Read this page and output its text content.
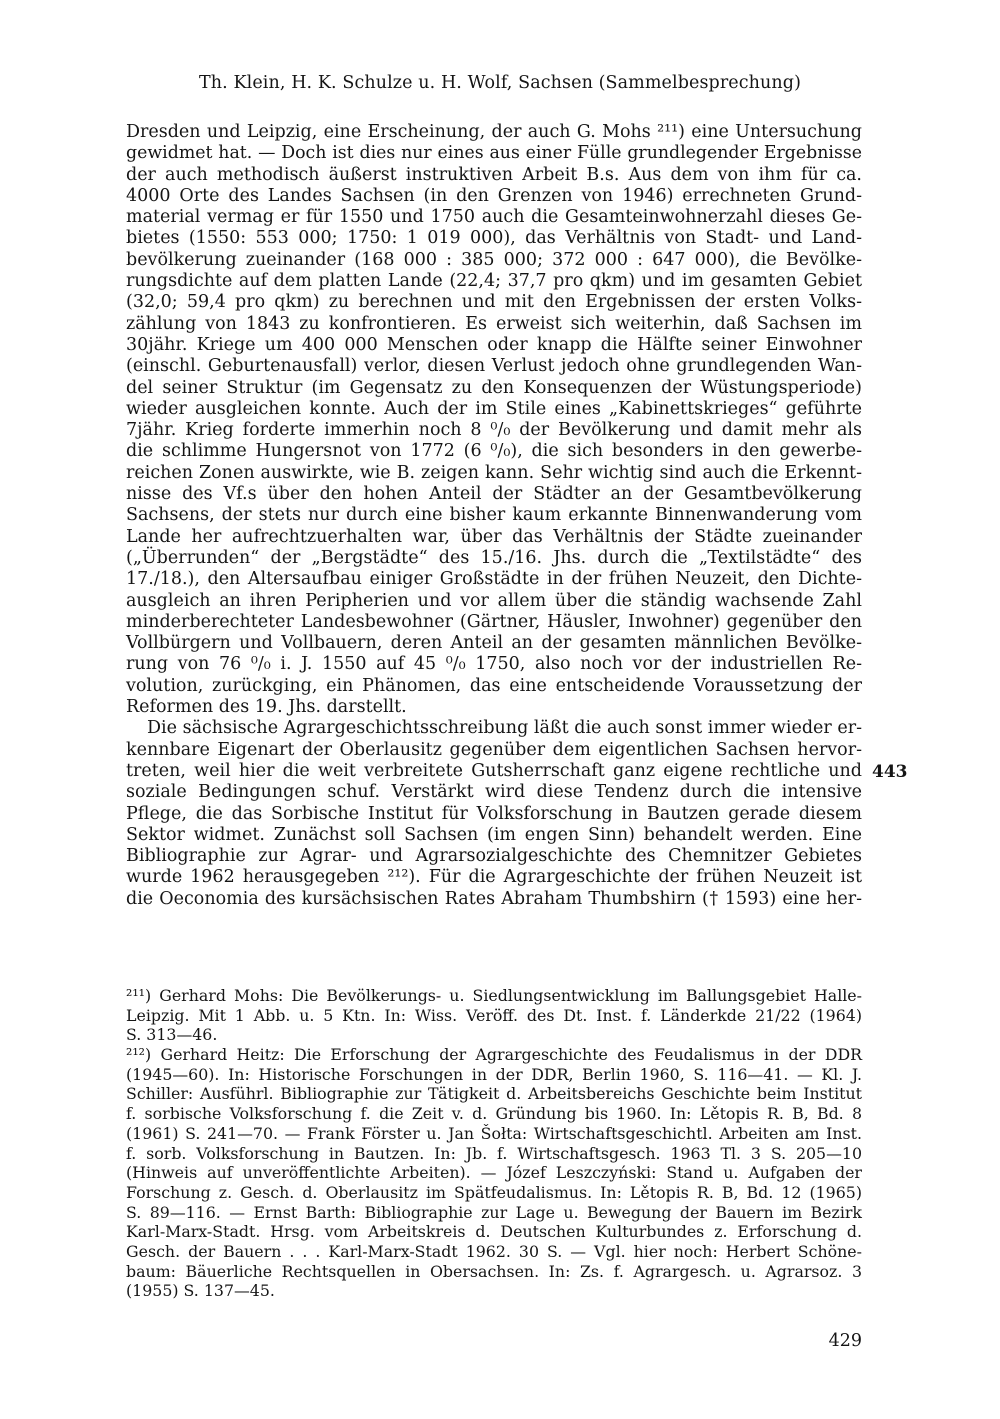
Th. Klein, H. K. Schulze u. H. Wolf, Sachsen (Sammelbesprechung)
Dresden und Leipzig, eine Erscheinung, der auch G. Mohs ²¹¹) eine Untersuchung
gewidmet hat. — Doch ist dies nur eines aus einer Fülle grundlegender Ergebnisse
der auch methodisch äußerst instruktiven Arbeit B.s. Aus dem von ihm für ca.
4000 Orte des Landes Sachsen (in den Grenzen von 1946) errechneten Grund-
material vermag er für 1550 und 1750 auch die Gesamteinwohnerzahl dieses Ge-
bietes (1550: 553 000; 1750: 1 019 000), das Verhältnis von Stadt- und Land-
bevölkerung zueinander (168 000 : 385 000; 372 000 : 647 000), die Bevölke-
rungsdichte auf dem platten Lande (22,4; 37,7 pro qkm) und im gesamten Gebiet
(32,0; 59,4 pro qkm) zu berechnen und mit den Ergebnissen der ersten Volks-
zählung von 1843 zu konfrontieren. Es erweist sich weiterhin, daß Sachsen im
30jähr. Kriege um 400 000 Menschen oder knapp die Hälfte seiner Einwohner
(einschl. Geburtenausfall) verlor, diesen Verlust jedoch ohne grundlegenden Wan-
del seiner Struktur (im Gegensatz zu den Konsequenzen der Wüstungsperiode)
wieder ausgleichen konnte. Auch der im Stile eines „Kabinettskrieges“ geführte
7jähr. Krieg forderte immerhin noch 8 ⁰/₀ der Bevölkerung und damit mehr als
die schlimme Hungersnot von 1772 (6 ⁰/₀), die sich besonders in den gewerbe-
reichen Zonen auswirkte, wie B. zeigen kann. Sehr wichtig sind auch die Erkennt-
nisse des Vf.s über den hohen Anteil der Städter an der Gesamtbevölkerung
Sachsens, der stets nur durch eine bisher kaum erkannte Binnenwanderung vom
Lande her aufrechtzuerhalten war, über das Verhältnis der Städte zueinander
(„Überrunden“ der „Bergstädte“ des 15./16. Jhs. durch die „Textilstädte“ des
17./18.), den Altersaufbau einiger Großstädte in der frühen Neuzeit, den Dichte-
ausgleich an ihren Peripherien und vor allem über die ständig wachsende Zahl
minderberechteter Landesbewohner (Gärtner, Häusler, Inwohner) gegenüber den
Vollbürgern und Vollbauern, deren Anteil an der gesamten männlichen Bevölke-
rung von 76 ⁰/₀ i. J. 1550 auf 45 ⁰/₀ 1750, also noch vor der industriellen Re-
volution, zurückging, ein Phänomen, das eine entscheidende Voraussetzung der
Reformen des 19. Jhs. darstellt.
Die sächsische Agrargeschichtsschreibung läßt die auch sonst immer wieder er-
kennbare Eigenart der Oberlausitz gegenüber dem eigentlichen Sachsen hervor-
treten, weil hier die weit verbreitete Gutsherrschaft ganz eigene rechtliche und
soziale Bedingungen schuf. Verstärkt wird diese Tendenz durch die intensive
Pflege, die das Sorbische Institut für Volksforschung in Bautzen gerade diesem
Sektor widmet. Zunächst soll Sachsen (im engen Sinn) behandelt werden. Eine
Bibliographie zur Agrar- und Agrarsozialgeschichte des Chemnitzer Gebietes
wurde 1962 herausgegeben ²¹²). Für die Agrargeschichte der frühen Neuzeit ist
die Oeconomia des kursächsischen Rates Abraham Thumbshirn († 1593) eine her-
443
²¹¹) Gerhard Mohs: Die Bevölkerungs- u. Siedlungsentwicklung im Ballungsgebiet Halle-
Leipzig. Mit 1 Abb. u. 5 Ktn. In: Wiss. Veröff. des Dt. Inst. f. Länderkde 21/22 (1964)
S. 313—46.
²¹²) Gerhard Heitz: Die Erforschung der Agrargeschichte des Feudalismus in der DDR
(1945—60). In: Historische Forschungen in der DDR, Berlin 1960, S. 116—41. — Kl. J.
Schiller: Ausführl. Bibliographie zur Tätigkeit d. Arbeitsbereichs Geschichte beim Institut
f. sorbische Volksforschung f. die Zeit v. d. Gründung bis 1960. In: Lětopis R. B, Bd. 8
(1961) S. 241—70. — Frank Förster u. Jan Šołta: Wirtschaftsgeschichtl. Arbeiten am Inst.
f. sorb. Volksforschung in Bautzen. In: Jb. f. Wirtschaftsgesch. 1963 Tl. 3 S. 205—10
(Hinweis auf unveröffentlichte Arbeiten). — Józef Leszczyński: Stand u. Aufgaben der
Forschung z. Gesch. d. Oberlausitz im Spätfeudalismus. In: Lětopis R. B, Bd. 12 (1965)
S. 89—116. — Ernst Barth: Bibliographie zur Lage u. Bewegung der Bauern im Bezirk
Karl-Marx-Stadt. Hrsg. vom Arbeitskreis d. Deutschen Kulturbundes z. Erforschung d.
Gesch. der Bauern . . . Karl-Marx-Stadt 1962. 30 S. — Vgl. hier noch: Herbert Schöne-
baum: Bäuerliche Rechtsquellen in Obersachsen. In: Zs. f. Agrargesch. u. Agrarsoz. 3
(1955) S. 137—45.
429
